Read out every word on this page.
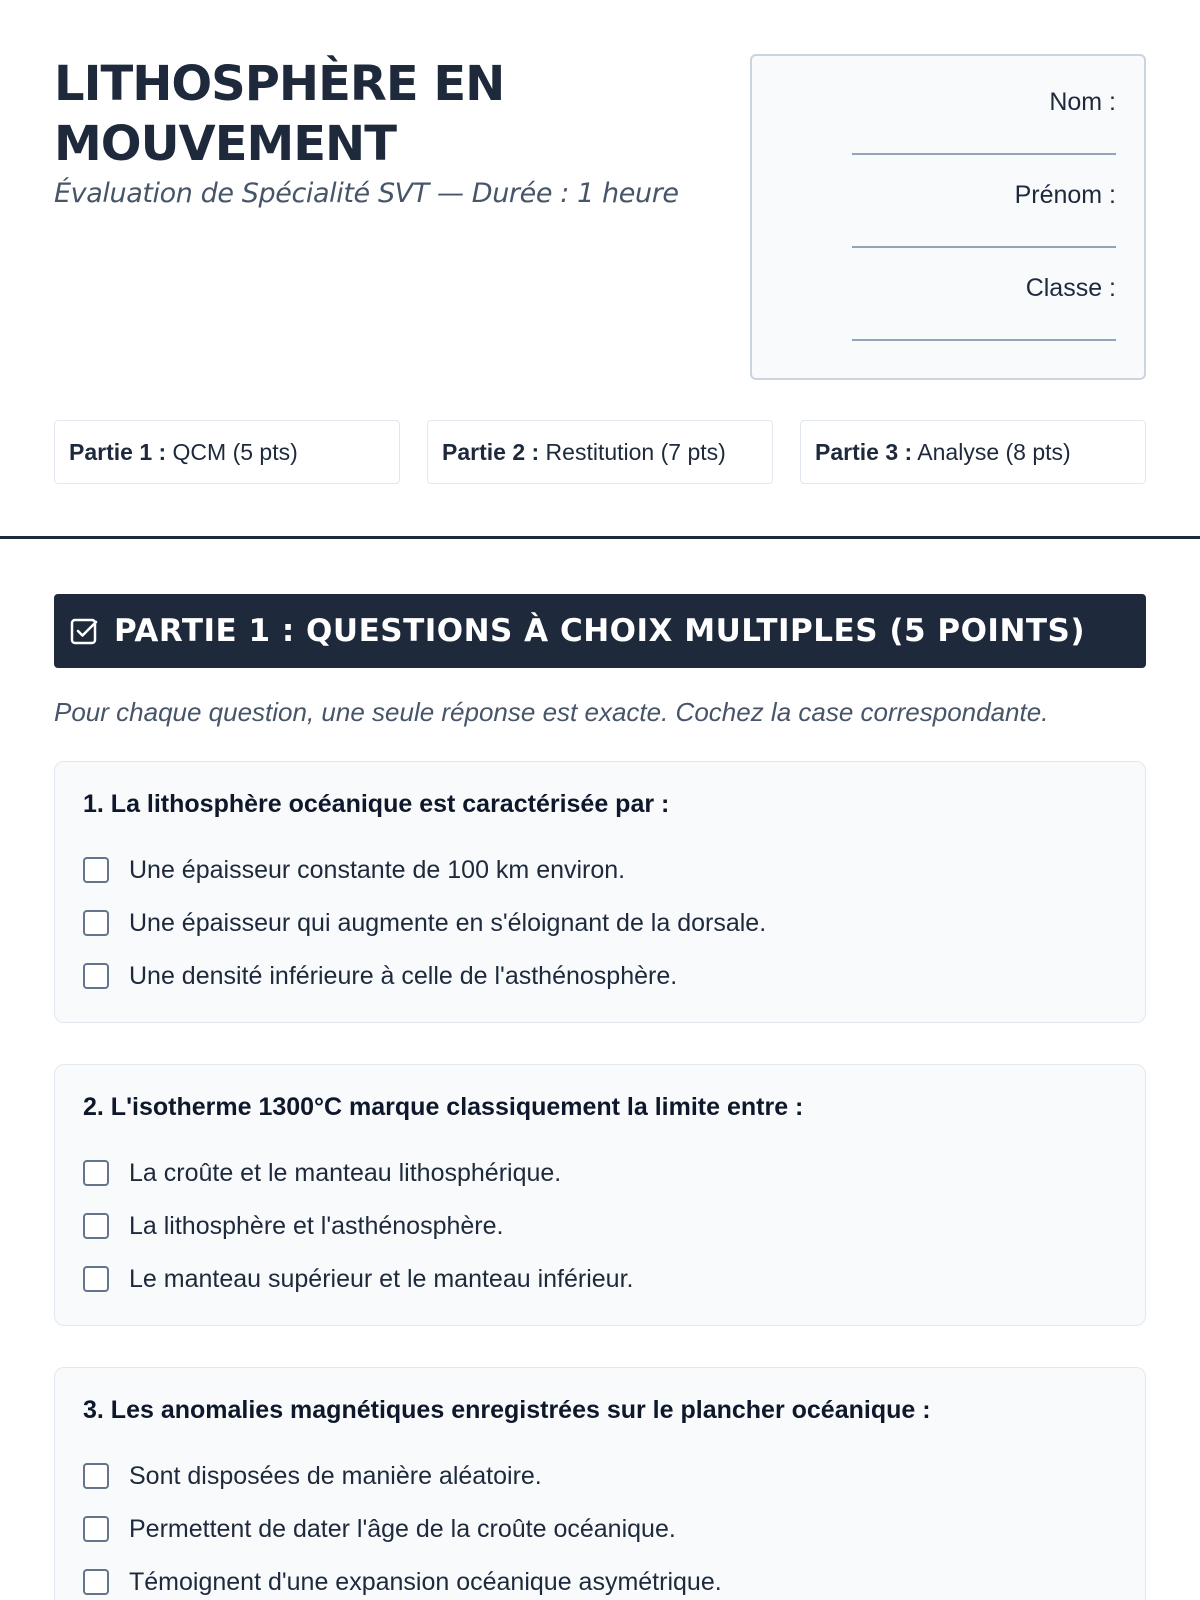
LITHOSPHÈRE EN
MOUVEMENT
Évaluation de Spécialité SVT — Durée : 1 heure
Nom :
Prénom :
Classe :
Partie 1 : QCM (5 pts)	Partie 2 : Restitution (7 pts)	Partie 3 : Analyse (8 pts)
PARTIE 1 : QUESTIONS À CHOIX MULTIPLES (5 POINTS)
Pour chaque question, une seule réponse est exacte. Cochez la case correspondante.
1. La lithosphère océanique est caractérisée par :
Une épaisseur constante de 100 km environ.
Une épaisseur qui augmente en s'éloignant de la dorsale.
Une densité inférieure à celle de l'asthénosphère.
2. L'isotherme 1300°C marque classiquement la limite entre :
La croûte et le manteau lithosphérique.
La lithosphère et l'asthénosphère.
Le manteau supérieur et le manteau inférieur.
3. Les anomalies magnétiques enregistrées sur le plancher océanique :
Sont disposées de manière aléatoire.
Permettent de dater l'âge de la croûte océanique.
Témoignent d'une expansion océanique asymétrique.
